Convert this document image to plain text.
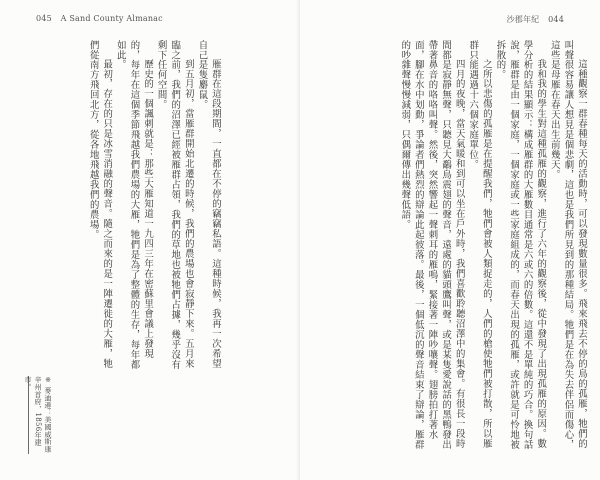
045 A Sand County Almanac

雁群在這段期間，一直都在不停的竊竊私語。這種時候，我再一次希望自己是隻麝鼠。

到五月初，當雁群開始北遷的時候，我們的農場也會寂靜下來。五月來臨之前，我們的沼澤已經被雁群占領，我們的草地也被牠們占據，幾乎沒有剩下任何空間。

歷史的一個諷刺就是：那些大雁知道一九四三年在密蘇里會議上發現的，每年在這個季節飛越我們農場的大雁，牠們是為了整體的生存，每年都如此。

最初，存在的只是冰雪消融的聲音。隨之而來的是一陣遷徙的大雁，牠們從南方飛回北方，從各地飛越我們的農場。

※ 麥迪遜：美國威斯康辛州首府，1856年建市。
沙郡年紀 044

這種觀察一群春種每天的活動時，可以發現數量很多。飛來飛去不停的鳥的孤雁，牠們的叫聲很容易讓人想見是個悲劇，這也是我們所見到的那種結局。牠們是在為失去伴侶而傷心，這些是母雁在春天出生前幾天。

我和我的學生對這種孤雁的觀察，進行了六年的觀察後，從中發現了出現孤雁的原因。數學分析的結果顯示：構成雁群的大雁數目通常是六或六的倍數。這還不是單純的巧合。換句話說，雁群是由一個家庭，一個家庭或一些家庭組成的，而春天出現的孤雁，或許就是可怜地被拆散的。

之所以悲傷的孤雁是在提醒我們，牠們會被人類捉走的，人們的槍使牠們被打散，所以雁群只能遇過十六個家庭單位。

四月的夜晚，當天氣暖和到可以坐在戶外時，我們喜歡聆聽沼澤中的集會。有很長一段時間都是寂靜無聲，只聽見大鷸鳥震翅的聲音，遠處的貓頭鷹叫聲，或是某隻愛說話的黑鴨發出帶著鼻音的咯咯叫聲。然後，突然響起一聲刺耳的雁鳴，緊接著一陣吵嚷聲。翅膀拍打著水面，腳在水中划動，爭論者們熱烈的辯論此起彼落。最後，一個低沉的聲音結束了辯論，雁群的吵雜聲慢慢減弱，只偶爾傳出幾聲低語。
